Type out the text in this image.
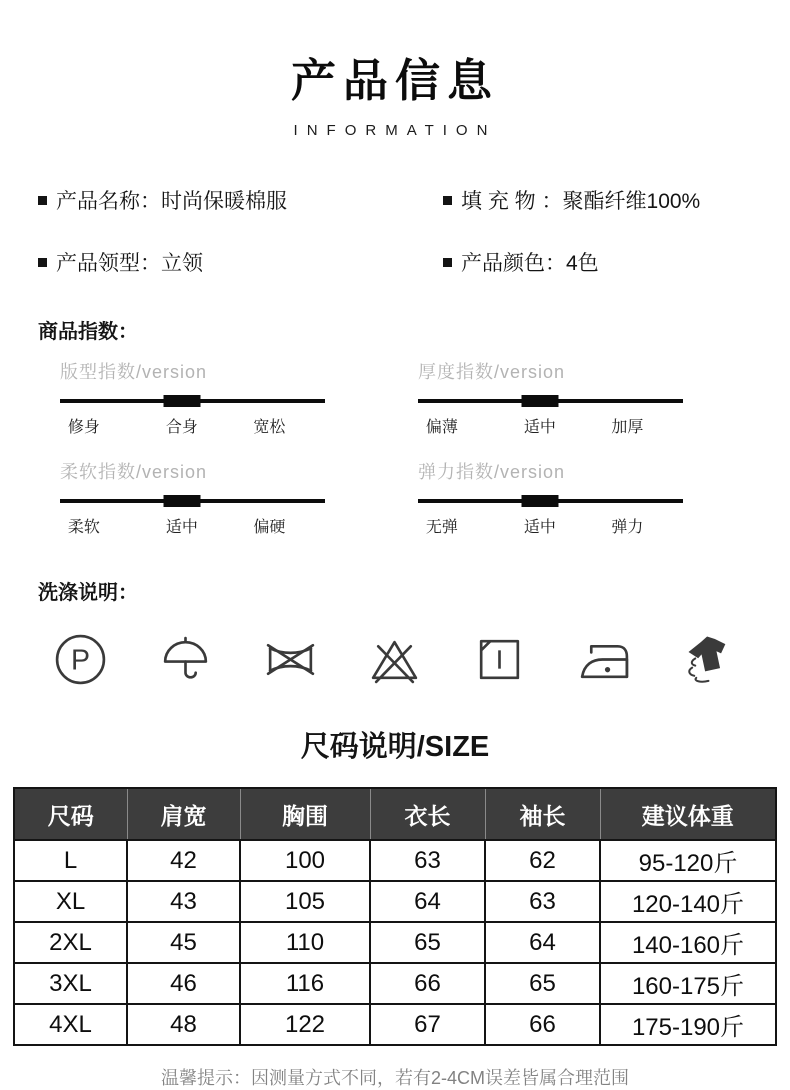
产品信息
INFORMATION
产品名称： 时尚保暖棉服	填 充 物 ： 聚酯纤维100%
产品领型： 立领	产品颜色： 4色
商品指数：
版型指数/version
修身	合身	宽松
厚度指数/version
偏薄	适中	加厚
柔软指数/version
柔软	适中	偏硬
弹力指数/version
无弹	适中	弹力
洗涤说明：
P
尺码说明/SIZE
尺码	肩宽	胸围	衣长	袖长	建议体重
L	42	100	63	62	95-120斤
XL	43	105	64	63	120-140斤
2XL	45	110	65	64	140-160斤
3XL	46	116	66	65	160-175斤
4XL	48	122	67	66	175-190斤
温馨提示：因测量方式不同，若有2-4CM误差皆属合理范围
